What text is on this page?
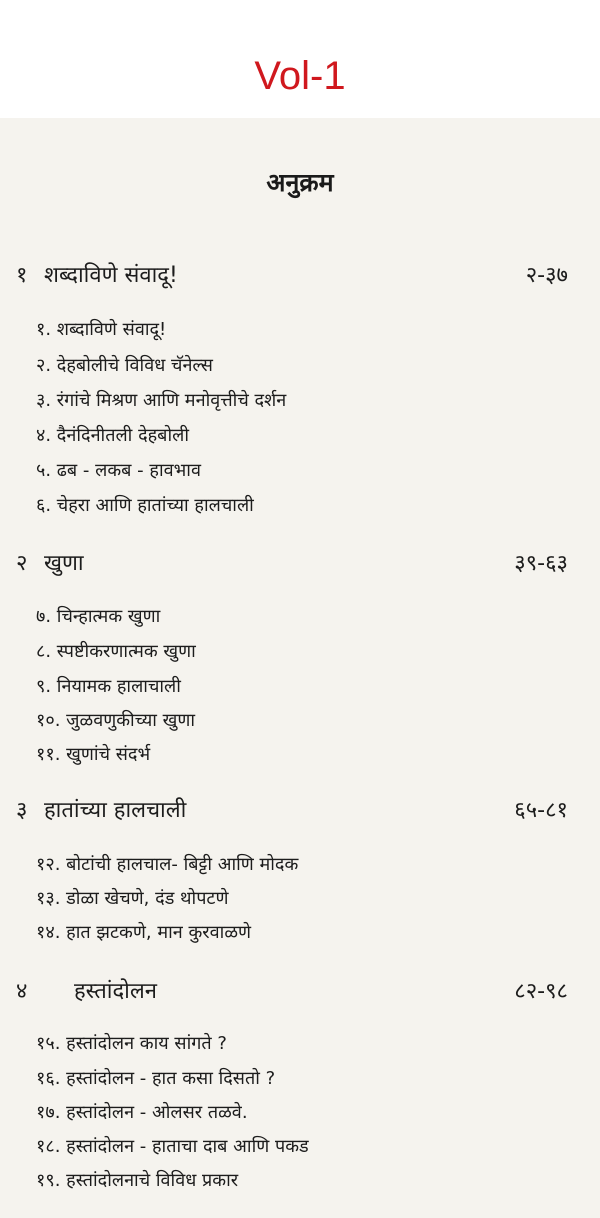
Vol-1
अनुक्रम
१ शब्दाविणे संवादू!	२-३७
१. शब्दाविणे संवादू!
२. देहबोलीचे विविध चॅनेल्स
३. रंगांचे मिश्रण आणि मनोवृत्तीचे दर्शन
४. दैनंदिनीतली देहबोली
५. ढब - लकब - हावभाव
६. चेहरा आणि हातांच्या हालचाली
२ खुणा	३९-६३
७. चिन्हात्मक खुणा
८. स्पष्टीकरणात्मक खुणा
९. नियामक हालाचाली
१०. जुळवणुकीच्या खुणा
११. खुणांचे संदर्भ
३ हातांच्या हालचाली	६५-८१
१२. बोटांची हालचाल- बिट्टी आणि मोदक
१३. डोळा खेचणे, दंड थोपटणे
१४. हात झटकणे, मान कुरवाळणे
४	हस्तांदोलन	८२-९८
१५. हस्तांदोलन काय सांगते ?
१६. हस्तांदोलन - हात कसा दिसतो ?
१७. हस्तांदोलन - ओलसर तळवे.
१८. हस्तांदोलन - हाताचा दाब आणि पकड
१९. हस्तांदोलनाचे विविध प्रकार
